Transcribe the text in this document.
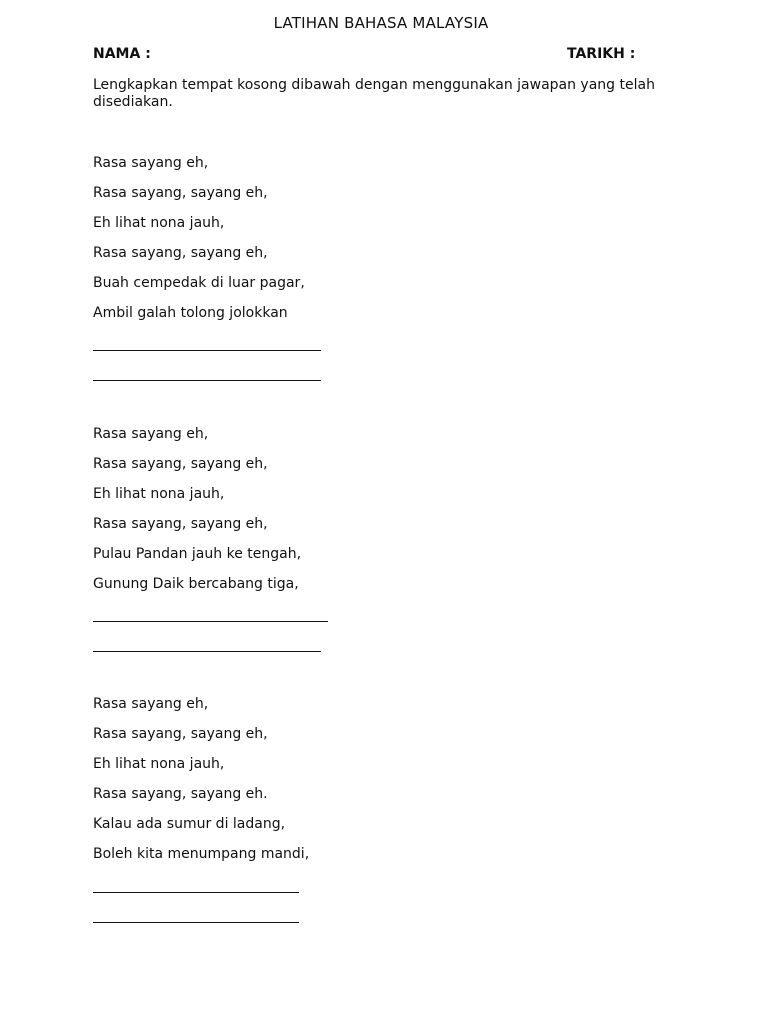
LATIHAN BAHASA MALAYSIA
NAMA :	TARIKH :
Lengkapkan tempat kosong dibawah dengan menggunakan jawapan yang telah disediakan.
Rasa sayang eh,
Rasa sayang, sayang eh,
Eh lihat nona jauh,
Rasa sayang, sayang eh,
Buah cempedak di luar pagar,
Ambil galah tolong jolokkan
Rasa sayang eh,
Rasa sayang, sayang eh,
Eh lihat nona jauh,
Rasa sayang, sayang eh,
Pulau Pandan jauh ke tengah,
Gunung Daik bercabang tiga,
Rasa sayang eh,
Rasa sayang, sayang eh,
Eh lihat nona jauh,
Rasa sayang, sayang eh.
Kalau ada sumur di ladang,
Boleh kita menumpang mandi,
